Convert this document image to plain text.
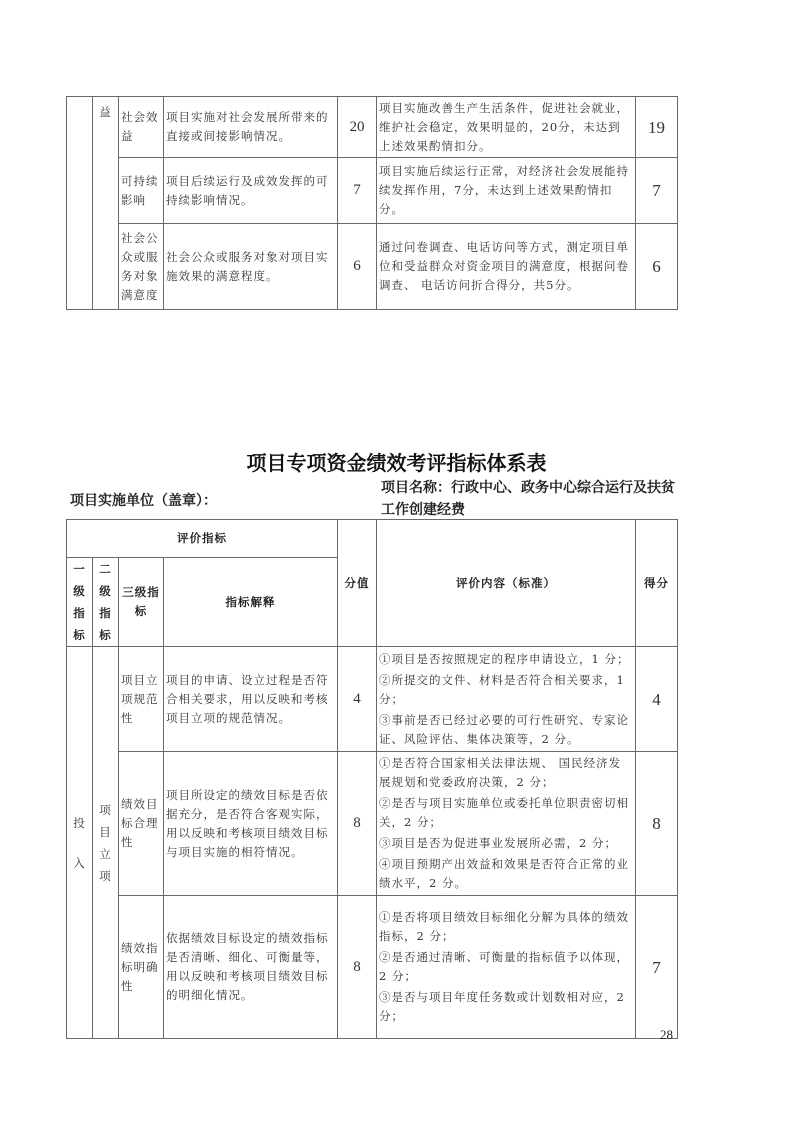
	益	社会效益	项目实施对社会发展所带来的直接或间接影响情况。	20	项目实施改善生产生活条件，促进社会就业，维护社会稳定，效果明显的，20分，未达到上述效果酌情扣分。	19
		可持续影响	项目后续运行及成效发挥的可持续影响情况。	7	项目实施后续运行正常，对经济社会发展能持续发挥作用，7分，未达到上述效果酌情扣分。	7
		社会公众或服务对象满意度	社会公众或服务对象对项目实施效果的满意程度。	6	通过问卷调查、电话访问等方式，测定项目单位和受益群众对资金项目的满意度，根据问卷调查、 电话访问折合得分，共5分。	6
项目专项资金绩效考评指标体系表
项目实施单位（盖章）：
项目名称：行政中心、政务中心综合运行及扶贫工作创建经费
评价指标				分值	评价内容（标准）	得分
一级指标	二级指标	三级指标	指标解释			
投入	项目立项	项目立项规范性	项目的申请、设立过程是否符合相关要求，用以反映和考核项目立项的规范情况。	4	①项目是否按照规定的程序申请设立，1 分；
②所提交的文件、材料是否符合相关要求，1分；
③事前是否已经过必要的可行性研究、专家论证、风险评估、集体决策等，2 分。	4
		绩效目标合理性	项目所设定的绩效目标是否依据充分，是否符合客观实际，用以反映和考核项目绩效目标与项目实施的相符情况。	8	①是否符合国家相关法律法规、 国民经济发展规划和党委政府决策，2 分；
②是否与项目实施单位或委托单位职责密切相关，2 分；
③项目是否为促进事业发展所必需，2 分；
④项目预期产出效益和效果是否符合正常的业绩水平，2 分。	8
		绩效指标明确性	依据绩效目标设定的绩效指标是否清晰、细化、可衡量等，用以反映和考核项目绩效目标的明细化情况。	8	①是否将项目绩效目标细化分解为具体的绩效指标，2 分；
②是否通过清晰、可衡量的指标值予以体现，2 分；
③是否与项目年度任务数或计划数相对应，2 分；	7
28
